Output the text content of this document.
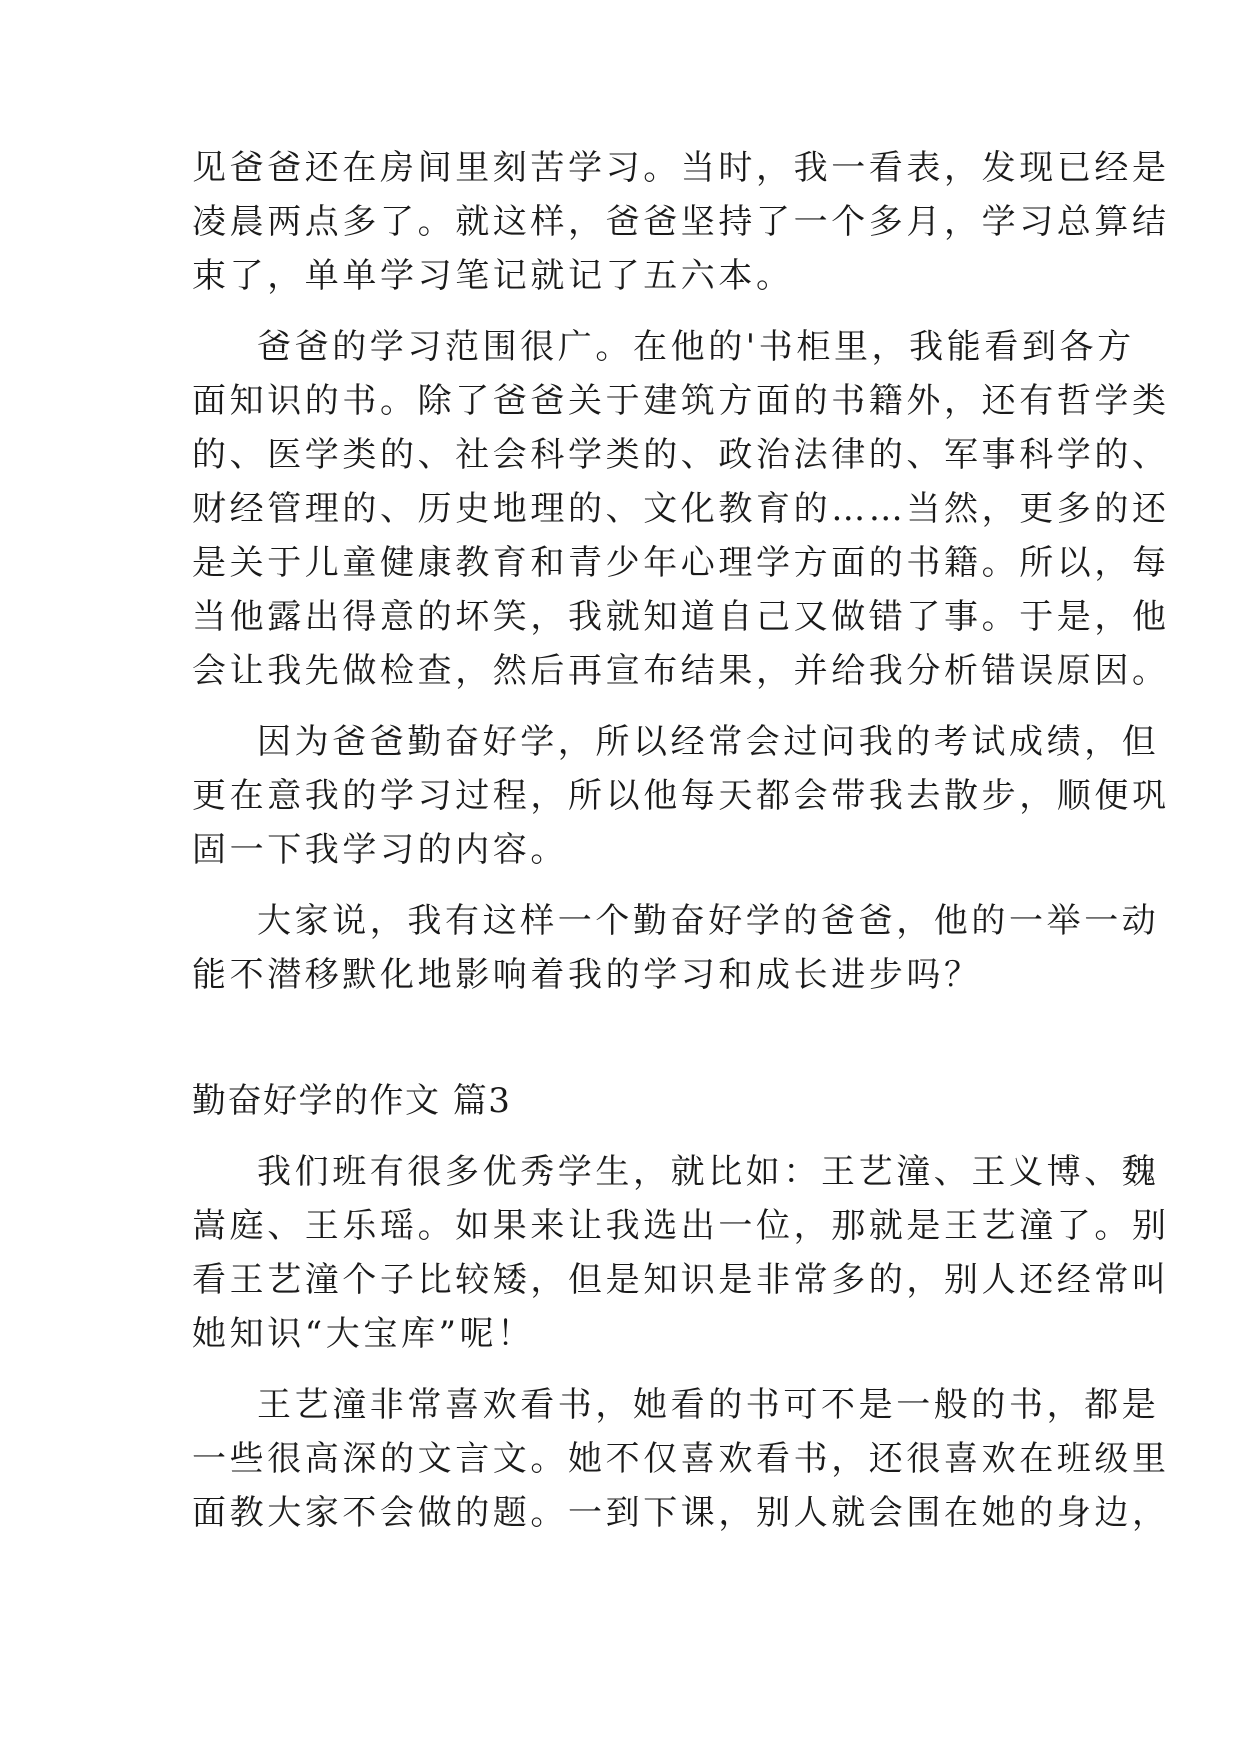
见爸爸还在房间里刻苦学习。当时，我一看表，发现已经是
凌晨两点多了。就这样，爸爸坚持了一个多月，学习总算结
束了，单单学习笔记就记了五六本。
爸爸的学习范围很广。在他的'书柜里，我能看到各方
面知识的书。除了爸爸关于建筑方面的书籍外，还有哲学类
的、医学类的、社会科学类的、政治法律的、军事科学的、
财经管理的、历史地理的、文化教育的……当然，更多的还
是关于儿童健康教育和青少年心理学方面的书籍。所以，每
当他露出得意的坏笑，我就知道自己又做错了事。于是，他
会让我先做检查，然后再宣布结果，并给我分析错误原因。
因为爸爸勤奋好学，所以经常会过问我的考试成绩，但
更在意我的学习过程，所以他每天都会带我去散步，顺便巩
固一下我学习的内容。
大家说，我有这样一个勤奋好学的爸爸，他的一举一动
能不潜移默化地影响着我的学习和成长进步吗？
勤奋好学的作文 篇3
我们班有很多优秀学生，就比如：王艺潼、王义博、魏
嵩庭、王乐瑶。如果来让我选出一位，那就是王艺潼了。别
看王艺潼个子比较矮，但是知识是非常多的，别人还经常叫
她知识“大宝库”呢！
王艺潼非常喜欢看书，她看的书可不是一般的书，都是
一些很高深的文言文。她不仅喜欢看书，还很喜欢在班级里
面教大家不会做的题。一到下课，别人就会围在她的身边，
